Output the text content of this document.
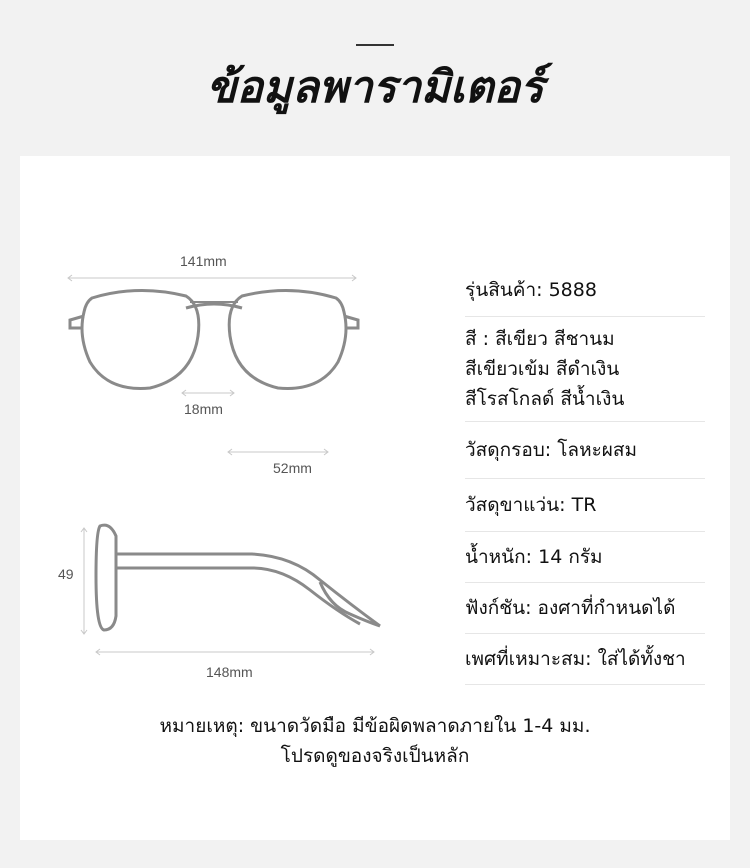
ข้อมูลพารามิเตอร์
141mm
18mm
52mm
49
148mm
รุ่นสินค้า: 5888
สี : สีเขียว สีชานม
สีเขียวเข้ม สีดำเงิน
สีโรสโกลด์ สีน้ำเงิน
วัสดุกรอบ: โลหะผสม
วัสดุขาแว่น: TR
น้ำหนัก: 14 กรัม
ฟังก์ชัน: องศาที่กำหนดได้
เพศที่เหมาะสม: ใส่ได้ทั้งชา
หมายเหตุ: ขนาดวัดมือ มีข้อผิดพลาดภายใน 1-4 มม.
โปรดดูของจริงเป็นหลัก
